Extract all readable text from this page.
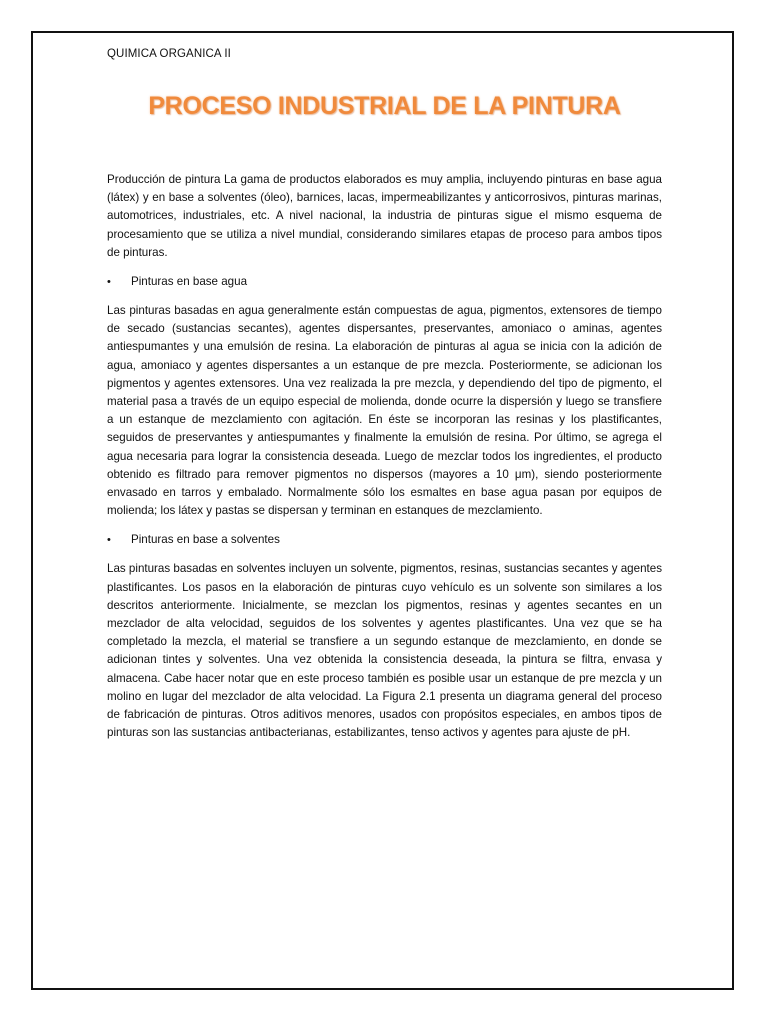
QUIMICA ORGANICA II
PROCESO INDUSTRIAL DE LA PINTURA

Producción de pintura La gama de productos elaborados es muy amplia, incluyendo pinturas en base agua (látex) y en base a solventes (óleo), barnices, lacas, impermeabilizantes y anticorrosivos, pinturas marinas, automotrices, industriales, etc. A nivel nacional, la industria de pinturas sigue el mismo esquema de procesamiento que se utiliza a nivel mundial, considerando similares etapas de proceso para ambos tipos de pinturas.

•	Pinturas en base agua

Las pinturas basadas en agua generalmente están compuestas de agua, pigmentos, extensores de tiempo de secado (sustancias secantes), agentes dispersantes, preservantes, amoniaco o aminas, agentes antiespumantes y una emulsión de resina. La elaboración de pinturas al agua se inicia con la adición de agua, amoniaco y agentes dispersantes a un estanque de pre mezcla. Posteriormente, se adicionan los pigmentos y agentes extensores. Una vez realizada la pre mezcla, y dependiendo del tipo de pigmento, el material pasa a través de un equipo especial de molienda, donde ocurre la dispersión y luego se transfiere a un estanque de mezclamiento con agitación. En éste se incorporan las resinas y los plastificantes, seguidos de preservantes y antiespumantes y finalmente la emulsión de resina. Por último, se agrega el agua necesaria para lograr la consistencia deseada. Luego de mezclar todos los ingredientes, el producto obtenido es filtrado para remover pigmentos no dispersos (mayores a 10 μm), siendo posteriormente envasado en tarros y embalado. Normalmente sólo los esmaltes en base agua pasan por equipos de molienda; los látex y pastas se dispersan y terminan en estanques de mezclamiento.

•	Pinturas en base a solventes

Las pinturas basadas en solventes incluyen un solvente, pigmentos, resinas, sustancias secantes y agentes plastificantes. Los pasos en la elaboración de pinturas cuyo vehículo es un solvente son similares a los descritos anteriormente. Inicialmente, se mezclan los pigmentos, resinas y agentes secantes en un mezclador de alta velocidad, seguidos de los solventes y agentes plastificantes. Una vez que se ha completado la mezcla, el material se transfiere a un segundo estanque de mezclamiento, en donde se adicionan tintes y solventes. Una vez obtenida la consistencia deseada, la pintura se filtra, envasa y almacena. Cabe hacer notar que en este proceso también es posible usar un estanque de pre mezcla y un molino en lugar del mezclador de alta velocidad. La Figura 2.1 presenta un diagrama general del proceso de fabricación de pinturas. Otros aditivos menores, usados con propósitos especiales, en ambos tipos de pinturas son las sustancias antibacterianas, estabilizantes, tenso activos y agentes para ajuste de pH.
